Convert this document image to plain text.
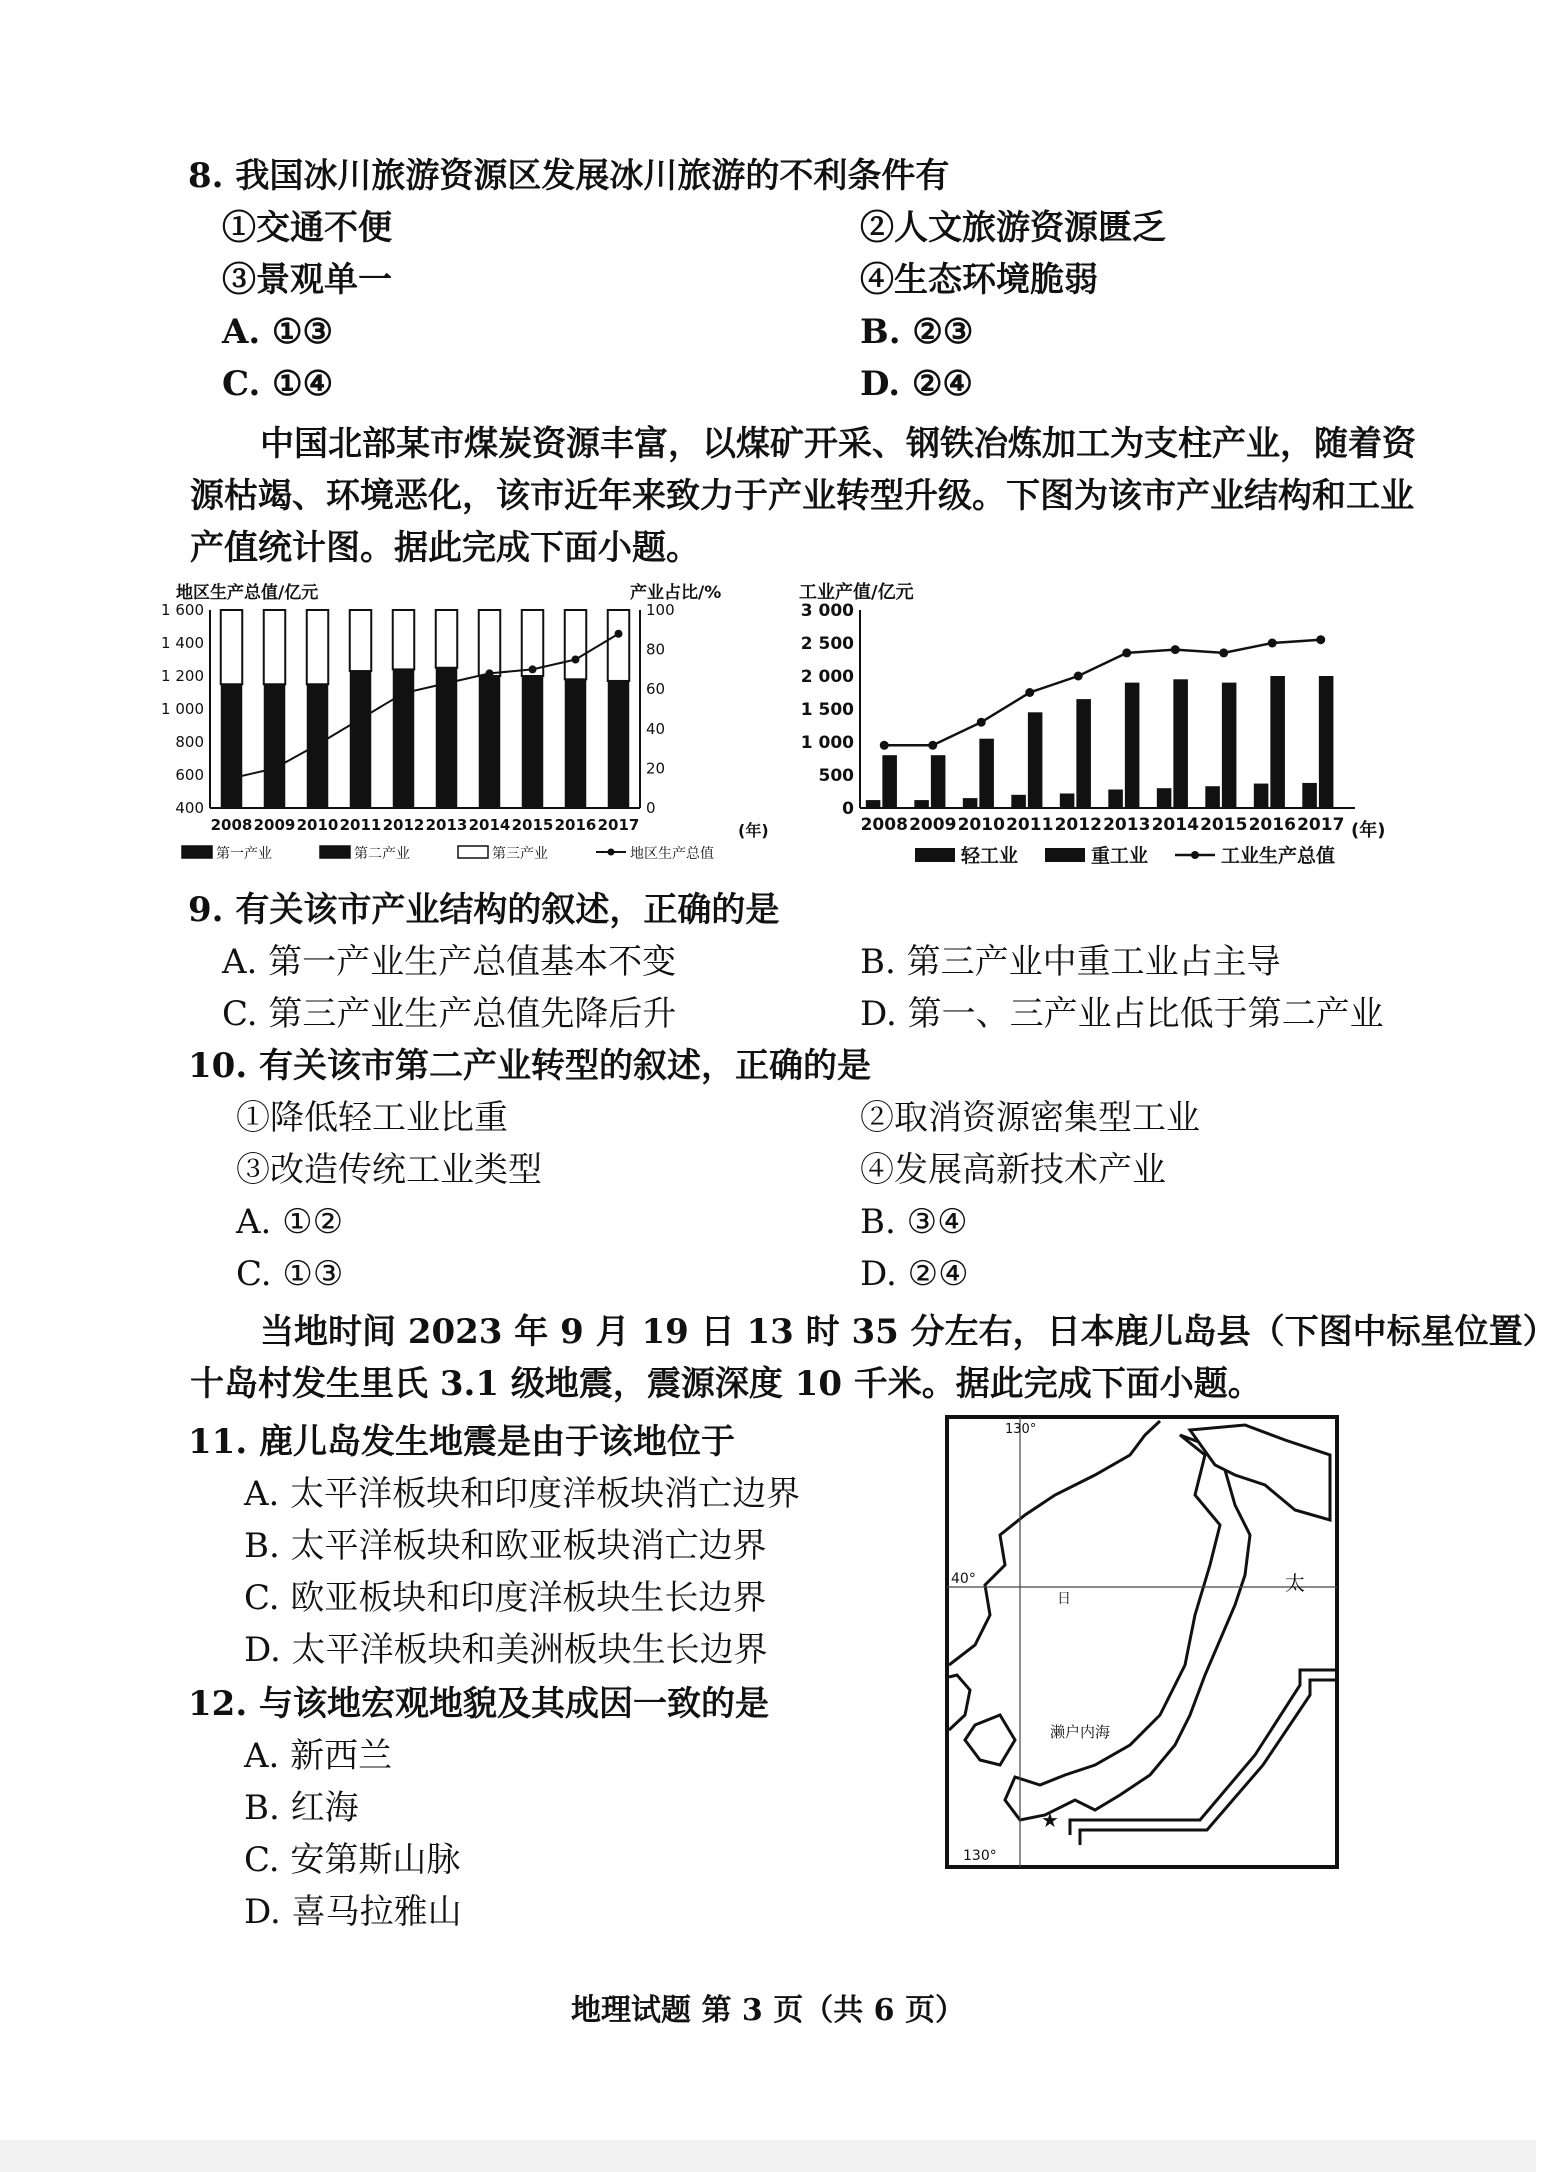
8. 我国冰川旅游资源区发展冰川旅游的不利条件有
①交通不便	②人文旅游资源匮乏
③景观单一	④生态环境脆弱
A. ①③	B. ②③
C. ①④	D. ②④
中国北部某市煤炭资源丰富，以煤矿开采、钢铁冶炼加工为支柱产业，随着资
源枯竭、环境恶化，该市近年来致力于产业转型升级。下图为该市产业结构和工业
产值统计图。据此完成下面小题。
地区生产总值/亿元	产业占比/%
1 600
1 400
1 200
1 000
800
600
400
100
80
60
40
20
0
2008 2009 2010 2011 2012 2013 2014 2015 2016 2017	(年)
第一产业	第二产业	第三产业	地区生产总值
工业产值/亿元
3 000
2 500
2 000
1 500
1 000
500
0
2008 2009 2010 2011 2012 2013 2014 2015 2016 2017 (年)
轻工业	重工业	工业生产总值
9. 有关该市产业结构的叙述，正确的是
A. 第一产业生产总值基本不变	B. 第三产业中重工业占主导
C. 第三产业生产总值先降后升	D. 第一、三产业占比低于第二产业
10. 有关该市第二产业转型的叙述，正确的是
①降低轻工业比重	②取消资源密集型工业
③改造传统工业类型	④发展高新技术产业
A. ①②	B. ③④
C. ①③	D. ②④
当地时间 2023 年 9 月 19 日 13 时 35 分左右，日本鹿儿岛县（下图中标星位置）
十岛村发生里氏 3.1 级地震，震源深度 10 千米。据此完成下面小题。
11. 鹿儿岛发生地震是由于该地位于
A. 太平洋板块和印度洋板块消亡边界
B. 太平洋板块和欧亚板块消亡边界
C. 欧亚板块和印度洋板块生长边界
D. 太平洋板块和美洲板块生长边界
12. 与该地宏观地貌及其成因一致的是
A. 新西兰
B. 红海
C. 安第斯山脉
D. 喜马拉雅山
130°
40°
130°
太
濑户内海
日
★
地理试题 第 3 页（共 6 页）
